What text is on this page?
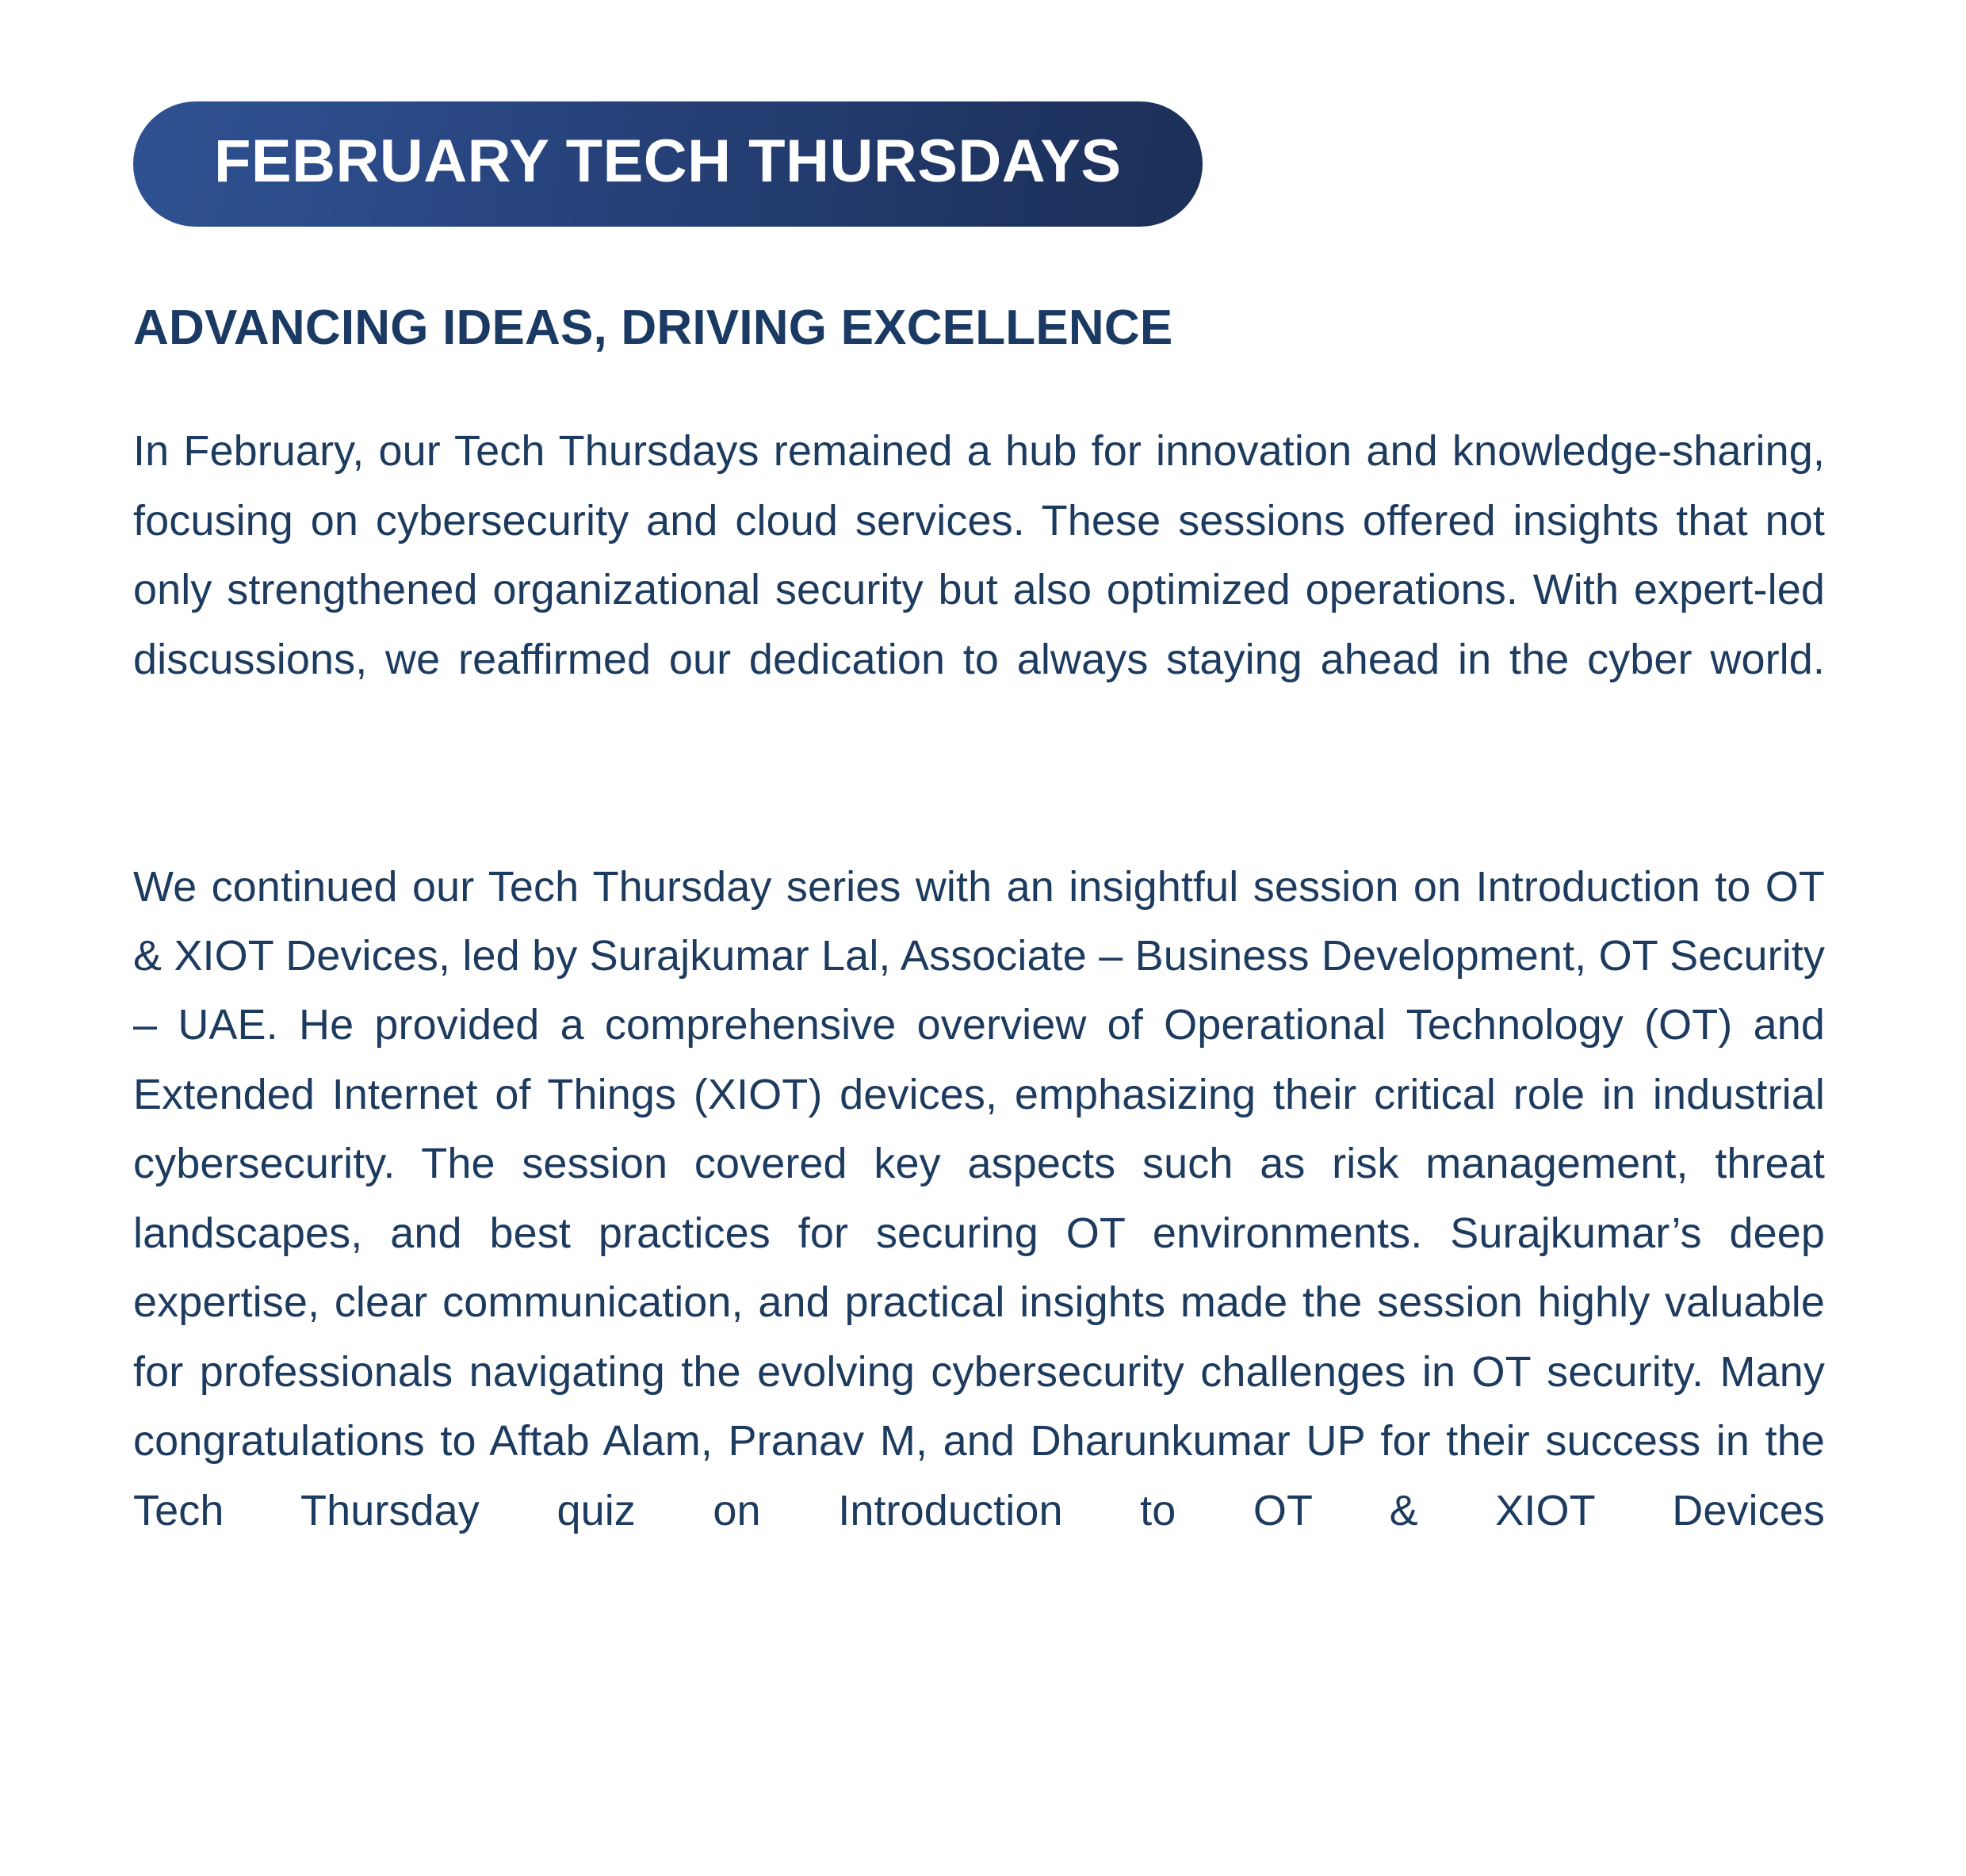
FEBRUARY TECH THURSDAYS
ADVANCING IDEAS, DRIVING EXCELLENCE

In February, our Tech Thursdays remained a hub for innovation and knowledge-sharing, focusing on cybersecurity and cloud services. These sessions offered insights that not only strengthened organizational security but also optimized operations. With expert-led discussions, we reaffirmed our dedication to always staying ahead in the cyber world.

We continued our Tech Thursday series with an insightful session on Introduction to OT & XIOT Devices, led by Surajkumar Lal, Associate – Business Development, OT Security – UAE. He provided a comprehensive overview of Operational Technology (OT) and Extended Internet of Things (XIOT) devices, emphasizing their critical role in industrial cybersecurity. The session covered key aspects such as risk management, threat landscapes, and best practices for securing OT environments. Surajkumar’s deep expertise, clear communication, and practical insights made the session highly valuable for professionals navigating the evolving cybersecurity challenges in OT security. Many congratulations to Aftab Alam, Pranav M, and Dharunkumar UP for their success in the Tech Thursday quiz on Introduction to OT & XIOT Devices
